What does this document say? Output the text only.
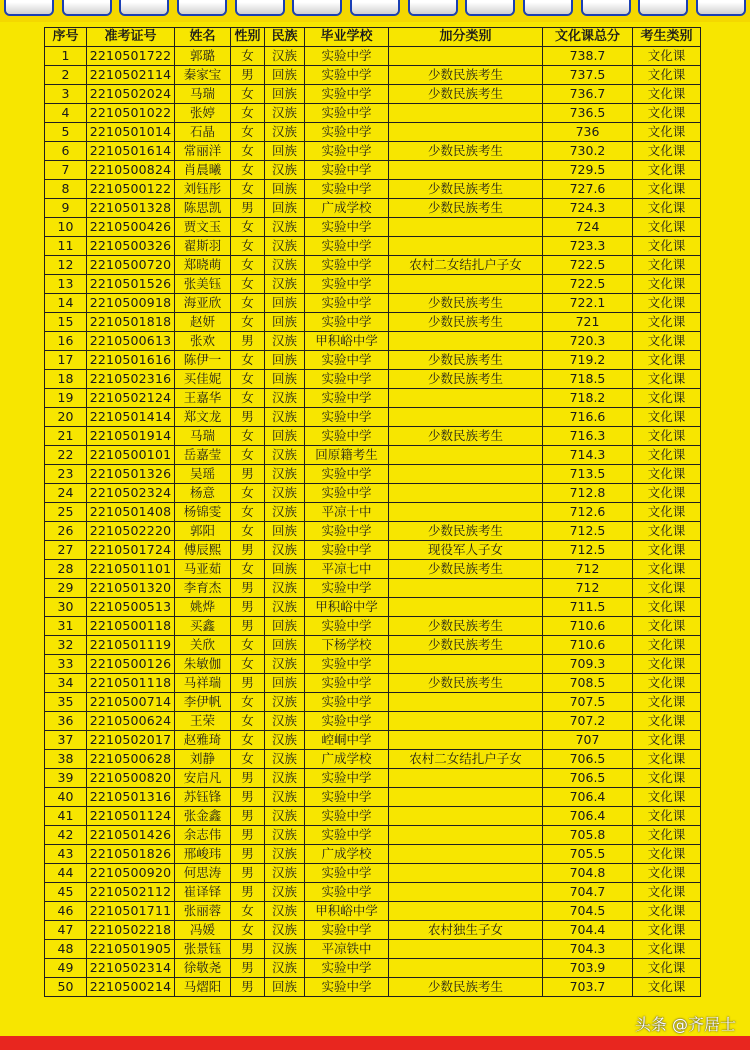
序号	准考证号	姓名	性别	民族	毕业学校	加分类别	文化课总分	考生类别
1	2210501722	郭璐	女	汉族	实验中学		738.7	文化课
2	2210502114	秦家宝	男	回族	实验中学	少数民族考生	737.5	文化课
3	2210502024	马瑞	女	回族	实验中学	少数民族考生	736.7	文化课
4	2210501022	张婷	女	汉族	实验中学		736.5	文化课
5	2210501014	石晶	女	汉族	实验中学		736	文化课
6	2210501614	常丽洋	女	回族	实验中学	少数民族考生	730.2	文化课
7	2210500824	肖晨曦	女	汉族	实验中学		729.5	文化课
8	2210500122	刘钰彤	女	回族	实验中学	少数民族考生	727.6	文化课
9	2210501328	陈思凯	男	回族	广成学校	少数民族考生	724.3	文化课
10	2210500426	贾文玉	女	汉族	实验中学		724	文化课
11	2210500326	翟斯羽	女	汉族	实验中学		723.3	文化课
12	2210500720	郑晓萌	女	汉族	实验中学	农村二女结扎户子女	722.5	文化课
13	2210501526	张美钰	女	汉族	实验中学		722.5	文化课
14	2210500918	海亚欣	女	回族	实验中学	少数民族考生	722.1	文化课
15	2210501818	赵妍	女	回族	实验中学	少数民族考生	721	文化课
16	2210500613	张欢	男	汉族	甲积峪中学		720.3	文化课
17	2210501616	陈伊一	女	回族	实验中学	少数民族考生	719.2	文化课
18	2210502316	买佳妮	女	回族	实验中学	少数民族考生	718.5	文化课
19	2210502124	王嘉华	女	汉族	实验中学		718.2	文化课
20	2210501414	郑文龙	男	汉族	实验中学		716.6	文化课
21	2210501914	马瑞	女	回族	实验中学	少数民族考生	716.3	文化课
22	2210500101	岳嘉莹	女	汉族	回原籍考生		714.3	文化课
23	2210501326	吴瑶	男	汉族	实验中学		713.5	文化课
24	2210502324	杨意	女	汉族	实验中学		712.8	文化课
25	2210501408	杨锦雯	女	汉族	平凉十中		712.6	文化课
26	2210502220	郭阳	女	回族	实验中学	少数民族考生	712.5	文化课
27	2210501724	傅辰熙	男	汉族	实验中学	现役军人子女	712.5	文化课
28	2210501101	马亚茹	女	回族	平凉七中	少数民族考生	712	文化课
29	2210501320	李育杰	男	汉族	实验中学		712	文化课
30	2210500513	姚烨	男	汉族	甲积峪中学		711.5	文化课
31	2210500118	买鑫	男	回族	实验中学	少数民族考生	710.6	文化课
32	2210501119	关欣	女	回族	下杨学校	少数民族考生	710.6	文化课
33	2210500126	朱敏伽	女	汉族	实验中学		709.3	文化课
34	2210501118	马祥瑞	男	回族	实验中学	少数民族考生	708.5	文化课
35	2210500714	李伊帆	女	汉族	实验中学		707.5	文化课
36	2210500624	王荣	女	汉族	实验中学		707.2	文化课
37	2210502017	赵雅琦	女	汉族	崆峒中学		707	文化课
38	2210500628	刘静	女	汉族	广成学校	农村二女结扎户子女	706.5	文化课
39	2210500820	安启凡	男	汉族	实验中学		706.5	文化课
40	2210501316	苏钰锋	男	汉族	实验中学		706.4	文化课
41	2210501124	张金鑫	男	汉族	实验中学		706.4	文化课
42	2210501426	余志伟	男	汉族	实验中学		705.8	文化课
43	2210501826	邢峻玮	男	汉族	广成学校		705.5	文化课
44	2210500920	何思涛	男	汉族	实验中学		704.8	文化课
45	2210502112	崔译铎	男	汉族	实验中学		704.7	文化课
46	2210501711	张丽蓉	女	汉族	甲积峪中学		704.5	文化课
47	2210502218	冯媛	女	汉族	实验中学	农村独生子女	704.4	文化课
48	2210501905	张景钰	男	汉族	平凉铁中		704.3	文化课
49	2210502314	徐敬尧	男	汉族	实验中学		703.9	文化课
50	2210500214	马熠阳	男	回族	实验中学	少数民族考生	703.7	文化课
头条 @齐居士
